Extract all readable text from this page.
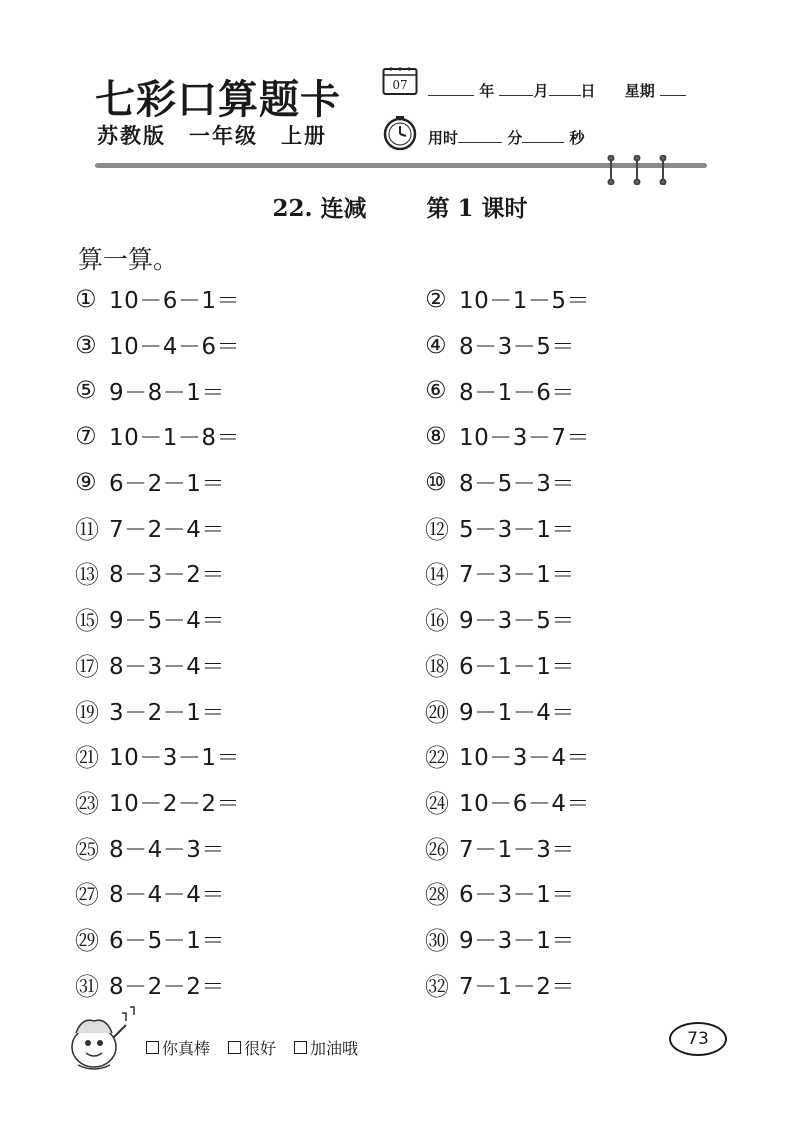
七彩口算题卡
苏教版　一年级　上册
07	年	月 日 星期
用时	分	秒
22. 连减	第 1 课时
算一算。
① 10－6－1＝	② 10－1－5＝
③ 10－4－6＝	④ 8－3－5＝
⑤ 9－8－1＝	⑥ 8－1－6＝
⑦ 10－1－8＝	⑧ 10－3－7＝
⑨ 6－2－1＝	⑩ 8－5－3＝
⑪ 7－2－4＝	⑫ 5－3－1＝
⑬ 8－3－2＝	⑭ 7－3－1＝
⑮ 9－5－4＝	⑯ 9－3－5＝
⑰ 8－3－4＝	⑱ 6－1－1＝
⑲ 3－2－1＝	⑳ 9－1－4＝
㉑ 10－3－1＝	㉒ 10－3－4＝
㉓ 10－2－2＝	㉔ 10－6－4＝
㉕ 8－4－3＝	㉖ 7－1－3＝
㉗ 8－4－4＝	㉘ 6－3－1＝
㉙ 6－5－1＝	㉚ 9－3－1＝
㉛ 8－2－2＝	㉜ 7－1－2＝
你真棒 很好 加油哦	73
